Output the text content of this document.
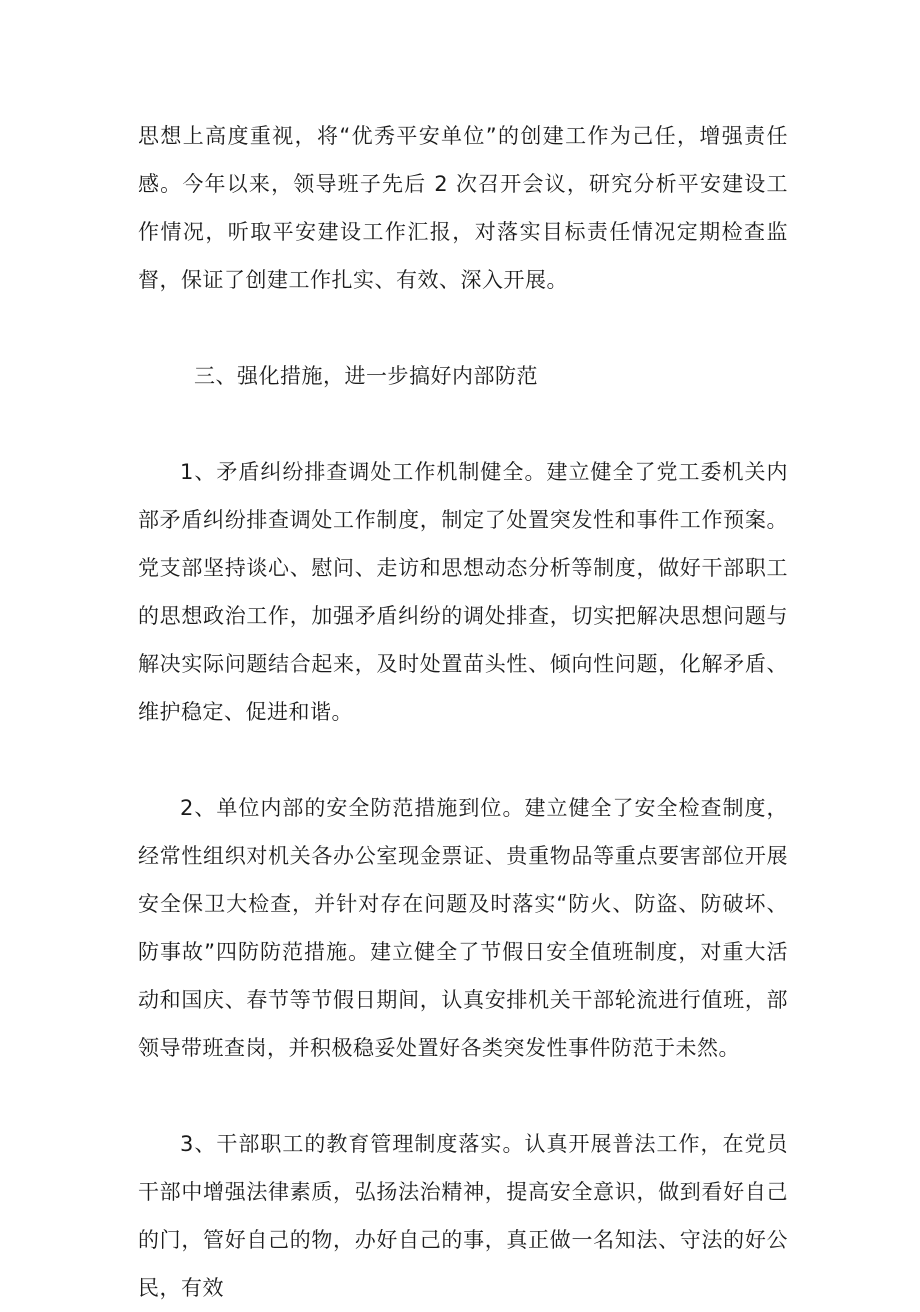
思想上高度重视，将“优秀平安单位”的创建工作为己任，增强责任感。今年以来，领导班子先后 2 次召开会议，研究分析平安建设工作情况，听取平安建设工作汇报，对落实目标责任情况定期检查监督，保证了创建工作扎实、有效、深入开展。

三、强化措施，进一步搞好内部防范

1、矛盾纠纷排查调处工作机制健全。建立健全了党工委机关内部矛盾纠纷排查调处工作制度，制定了处置突发性和事件工作预案。党支部坚持谈心、慰问、走访和思想动态分析等制度，做好干部职工的思想政治工作，加强矛盾纠纷的调处排查，切实把解决思想问题与解决实际问题结合起来，及时处置苗头性、倾向性问题，化解矛盾、维护稳定、促进和谐。

2、单位内部的安全防范措施到位。建立健全了安全检查制度，经常性组织对机关各办公室现金票证、贵重物品等重点要害部位开展安全保卫大检查，并针对存在问题及时落实“防火、防盗、防破坏、防事故”四防防范措施。建立健全了节假日安全值班制度，对重大活动和国庆、春节等节假日期间，认真安排机关干部轮流进行值班，部领导带班查岗，并积极稳妥处置好各类突发性事件防范于未然。

3、干部职工的教育管理制度落实。认真开展普法工作，在党员干部中增强法律素质，弘扬法治精神，提高安全意识，做到看好自己的门，管好自己的物，办好自己的事，真正做一名知法、守法的好公民，有效
